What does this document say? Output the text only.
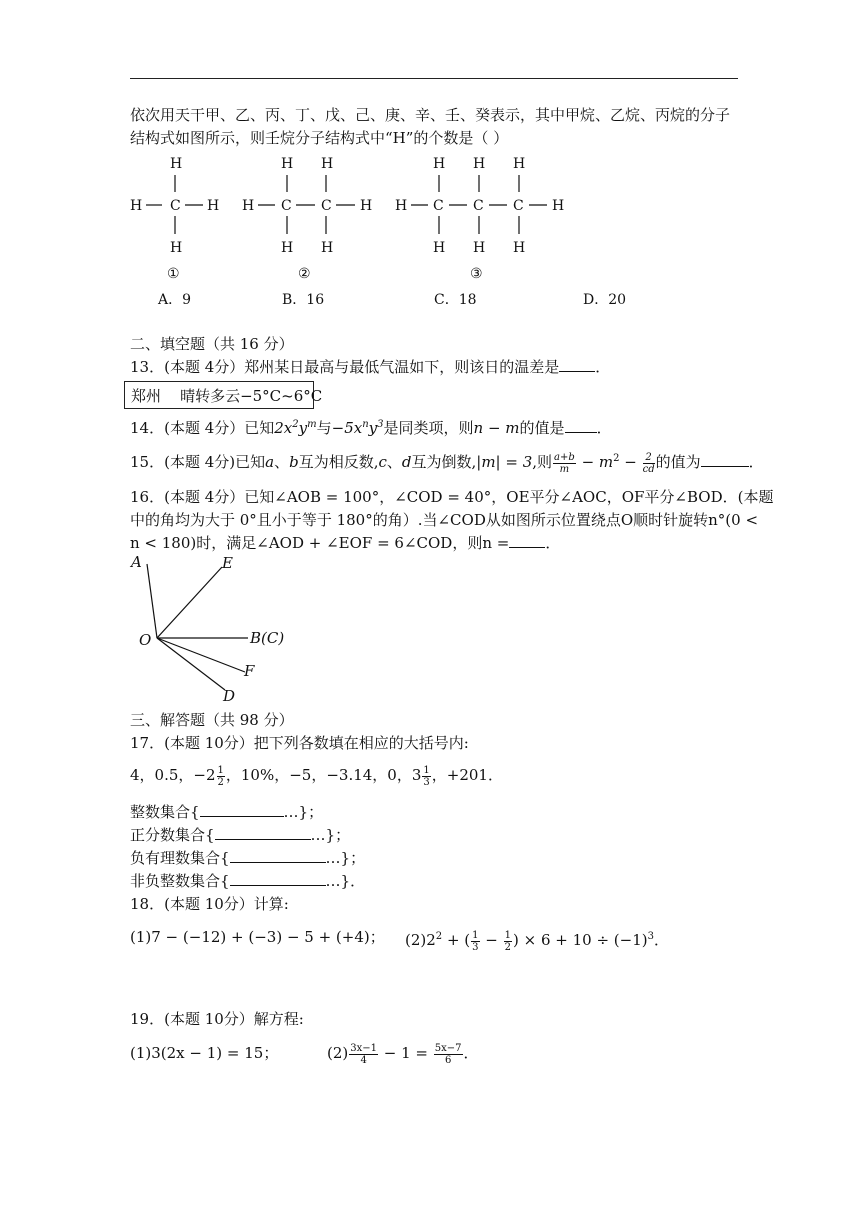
依次用天干甲、乙、丙、丁、戊、己、庚、辛、壬、癸表示，其中甲烷、乙烷、丙烷的分子
结构式如图所示，则壬烷分子结构式中“H”的个数是（ ）
H
H C H
H
①
H H
H C C H
H H
②
H H H
H C C C H
H H H
③
A．9	B．16	C．18	D．20
二、填空题（共 16 分）
13．(本题 4分）郑州某日最高与最低气温如下，则该日的温差是 ．
郑州    晴转多云−5°C~6°C
14．(本题 4分）已知$2x^2y^m$与$-5x^ny^3$是同类项，则n − m的值是 ．
15．(本题 4分)已知a、b互为相反数,c、d互为倒数,|m| = 3,则 $\frac{a+b}{m} - m^2 - \frac{2}{cd}$ 的值为	．
16．(本题 4分）已知∠AOB = 100°，∠COD = 40°，OE平分∠AOC，OF平分∠BOD．(本题
中的角均为大于 0°且小于等于 180°的角）.当∠COD从如图所示位置绕点O顺时针旋转n°(0 <
n < 180)时，满足∠AOD + ∠EOF = 6∠COD，则n = ．
A	E
O	B(C)
F
D
三、解答题（共 98 分）
17．(本题 10分）把下列各数填在相应的大括号内:
4，0.5，$-2 \frac{1}{2}$ ，10%，−5，−3.14，0，$3 \frac{1}{3}$ ，+201．
整数集合{	…}；
正分数集合{	…}；
负有理数集合{	…}；
非负整数集合{	…}．
18．(本题 10分）计算:
(1)7 − (−12) + (−3) − 5 + (+4)； $(2)2^2$ + ( $\frac{1}{3} - \frac{1}{2}$ ) × $6 + 10 \div (-1)^3$．
19．(本题 10分）解方程:
(1)3(2x − 1) = 15；	$(2) \frac{3x-1}{4} - 1 = \frac{5x-7}{6}$ ．
